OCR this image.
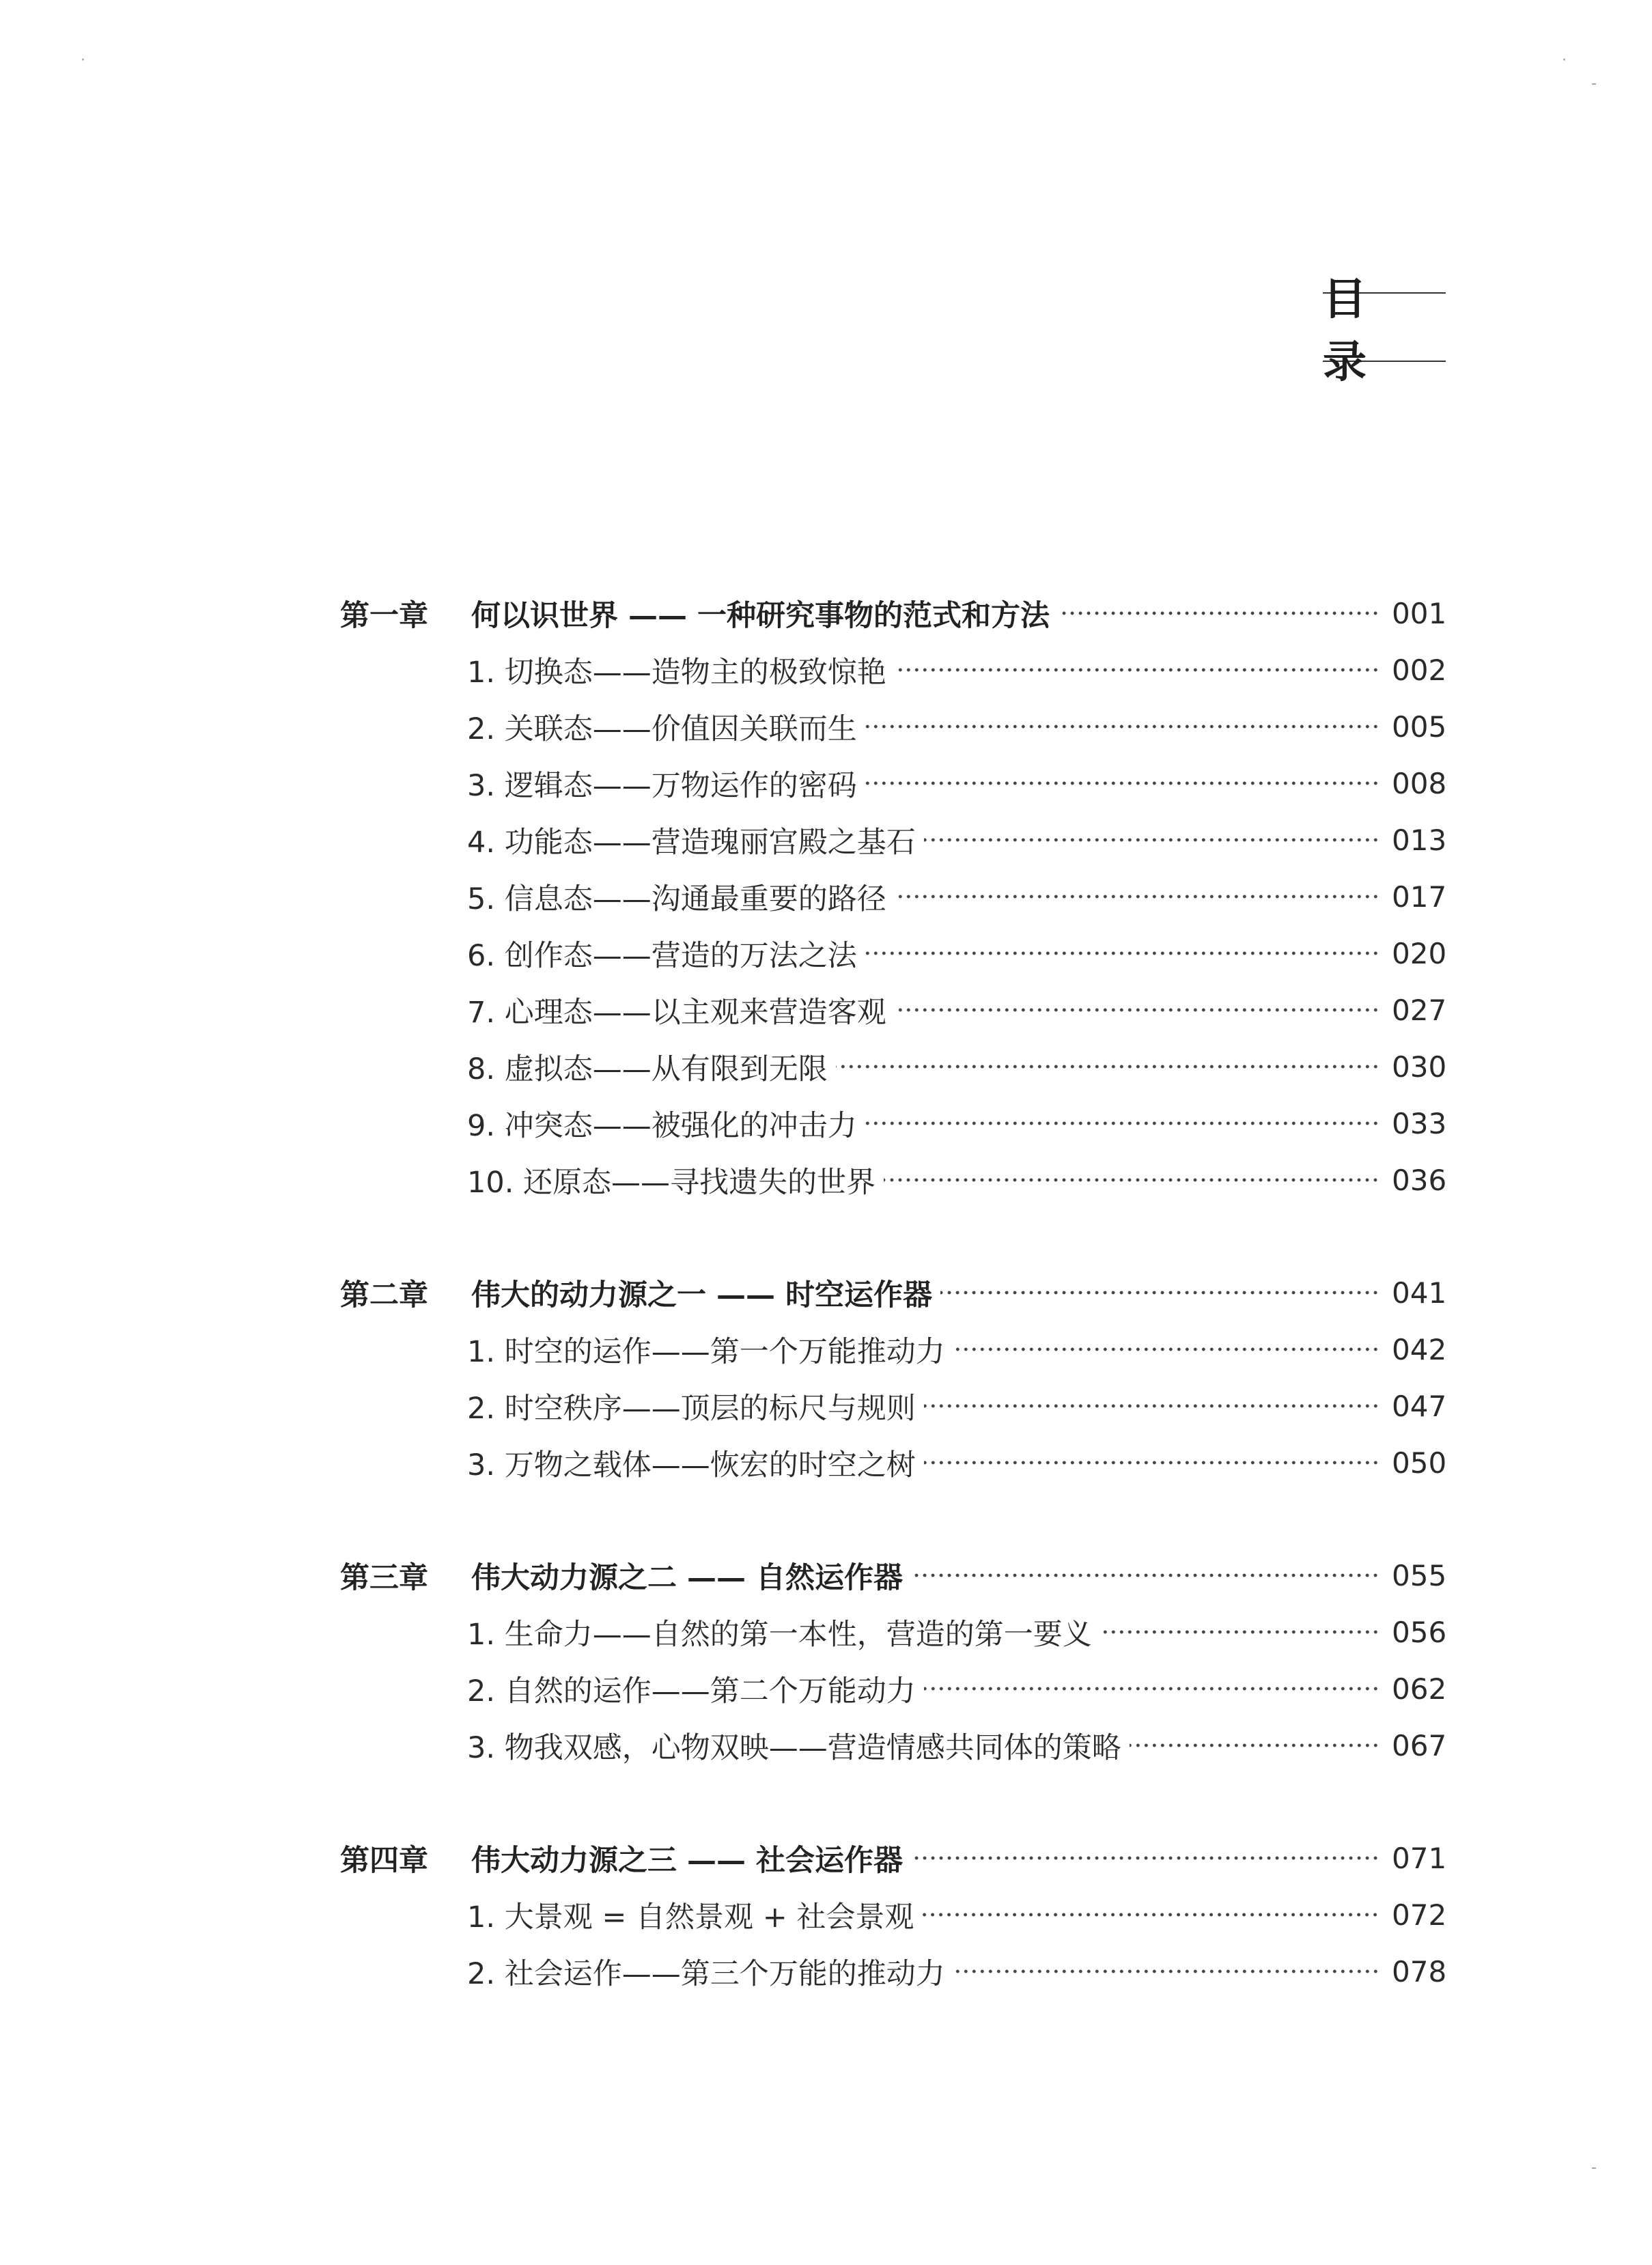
·	·
-
-
目 录
第一章	何以识世界 —— 一种研究事物的范式和方法	001
1. 切换态——造物主的极致惊艳	002
2. 关联态——价值因关联而生	005
3. 逻辑态——万物运作的密码	008
4. 功能态——营造瑰丽宫殿之基石	013
5. 信息态——沟通最重要的路径	017
6. 创作态——营造的万法之法	020
7. 心理态——以主观来营造客观	027
8. 虚拟态——从有限到无限	030
9. 冲突态——被强化的冲击力	033
10. 还原态——寻找遗失的世界	036
第二章	伟大的动力源之一 —— 时空运作器	041
1. 时空的运作——第一个万能推动力	042
2. 时空秩序——顶层的标尺与规则	047
3. 万物之载体——恢宏的时空之树	050
第三章	伟大动力源之二 —— 自然运作器	055
1. 生命力——自然的第一本性，营造的第一要义	056
2. 自然的运作——第二个万能动力	062
3. 物我双感，心物双映——营造情感共同体的策略	067
第四章	伟大动力源之三 —— 社会运作器	071
1. 大景观 = 自然景观 + 社会景观	072
2. 社会运作——第三个万能的推动力	078
